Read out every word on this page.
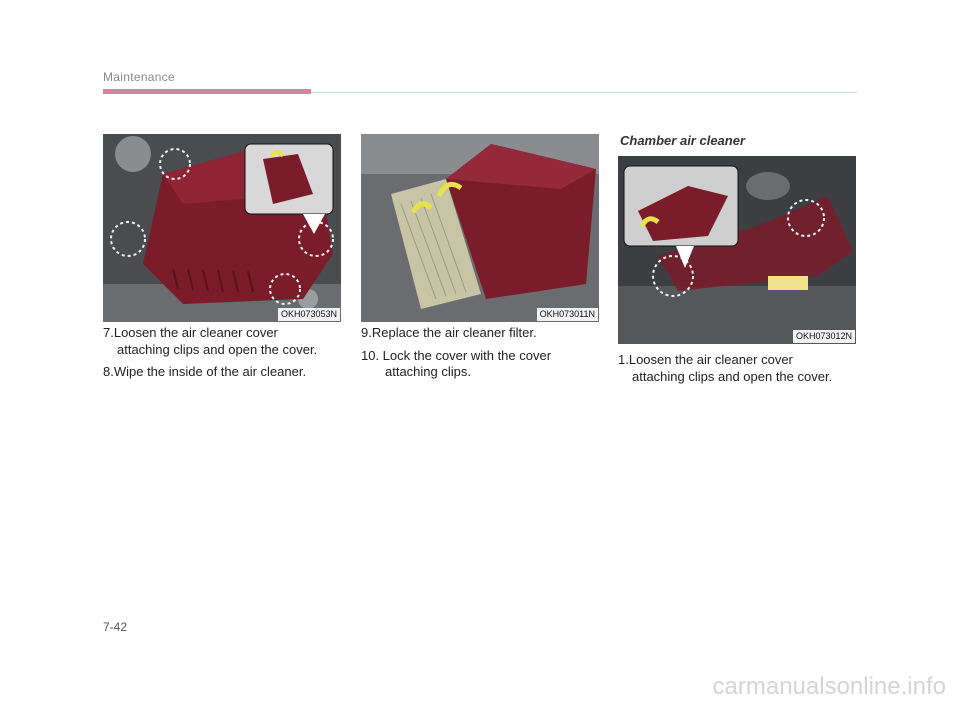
Maintenance
OKH073053N	OKH073011N
Chamber air cleaner
OKH073012N
7.Loosen the air cleaner cover
attaching clips and open the cover.
8.Wipe the inside of the air cleaner.
9.Replace the air cleaner filter.
10. Lock the cover with the cover
attaching clips.
1.Loosen the air cleaner cover
attaching clips and open the cover.
7-42
carmanualsonline.info
